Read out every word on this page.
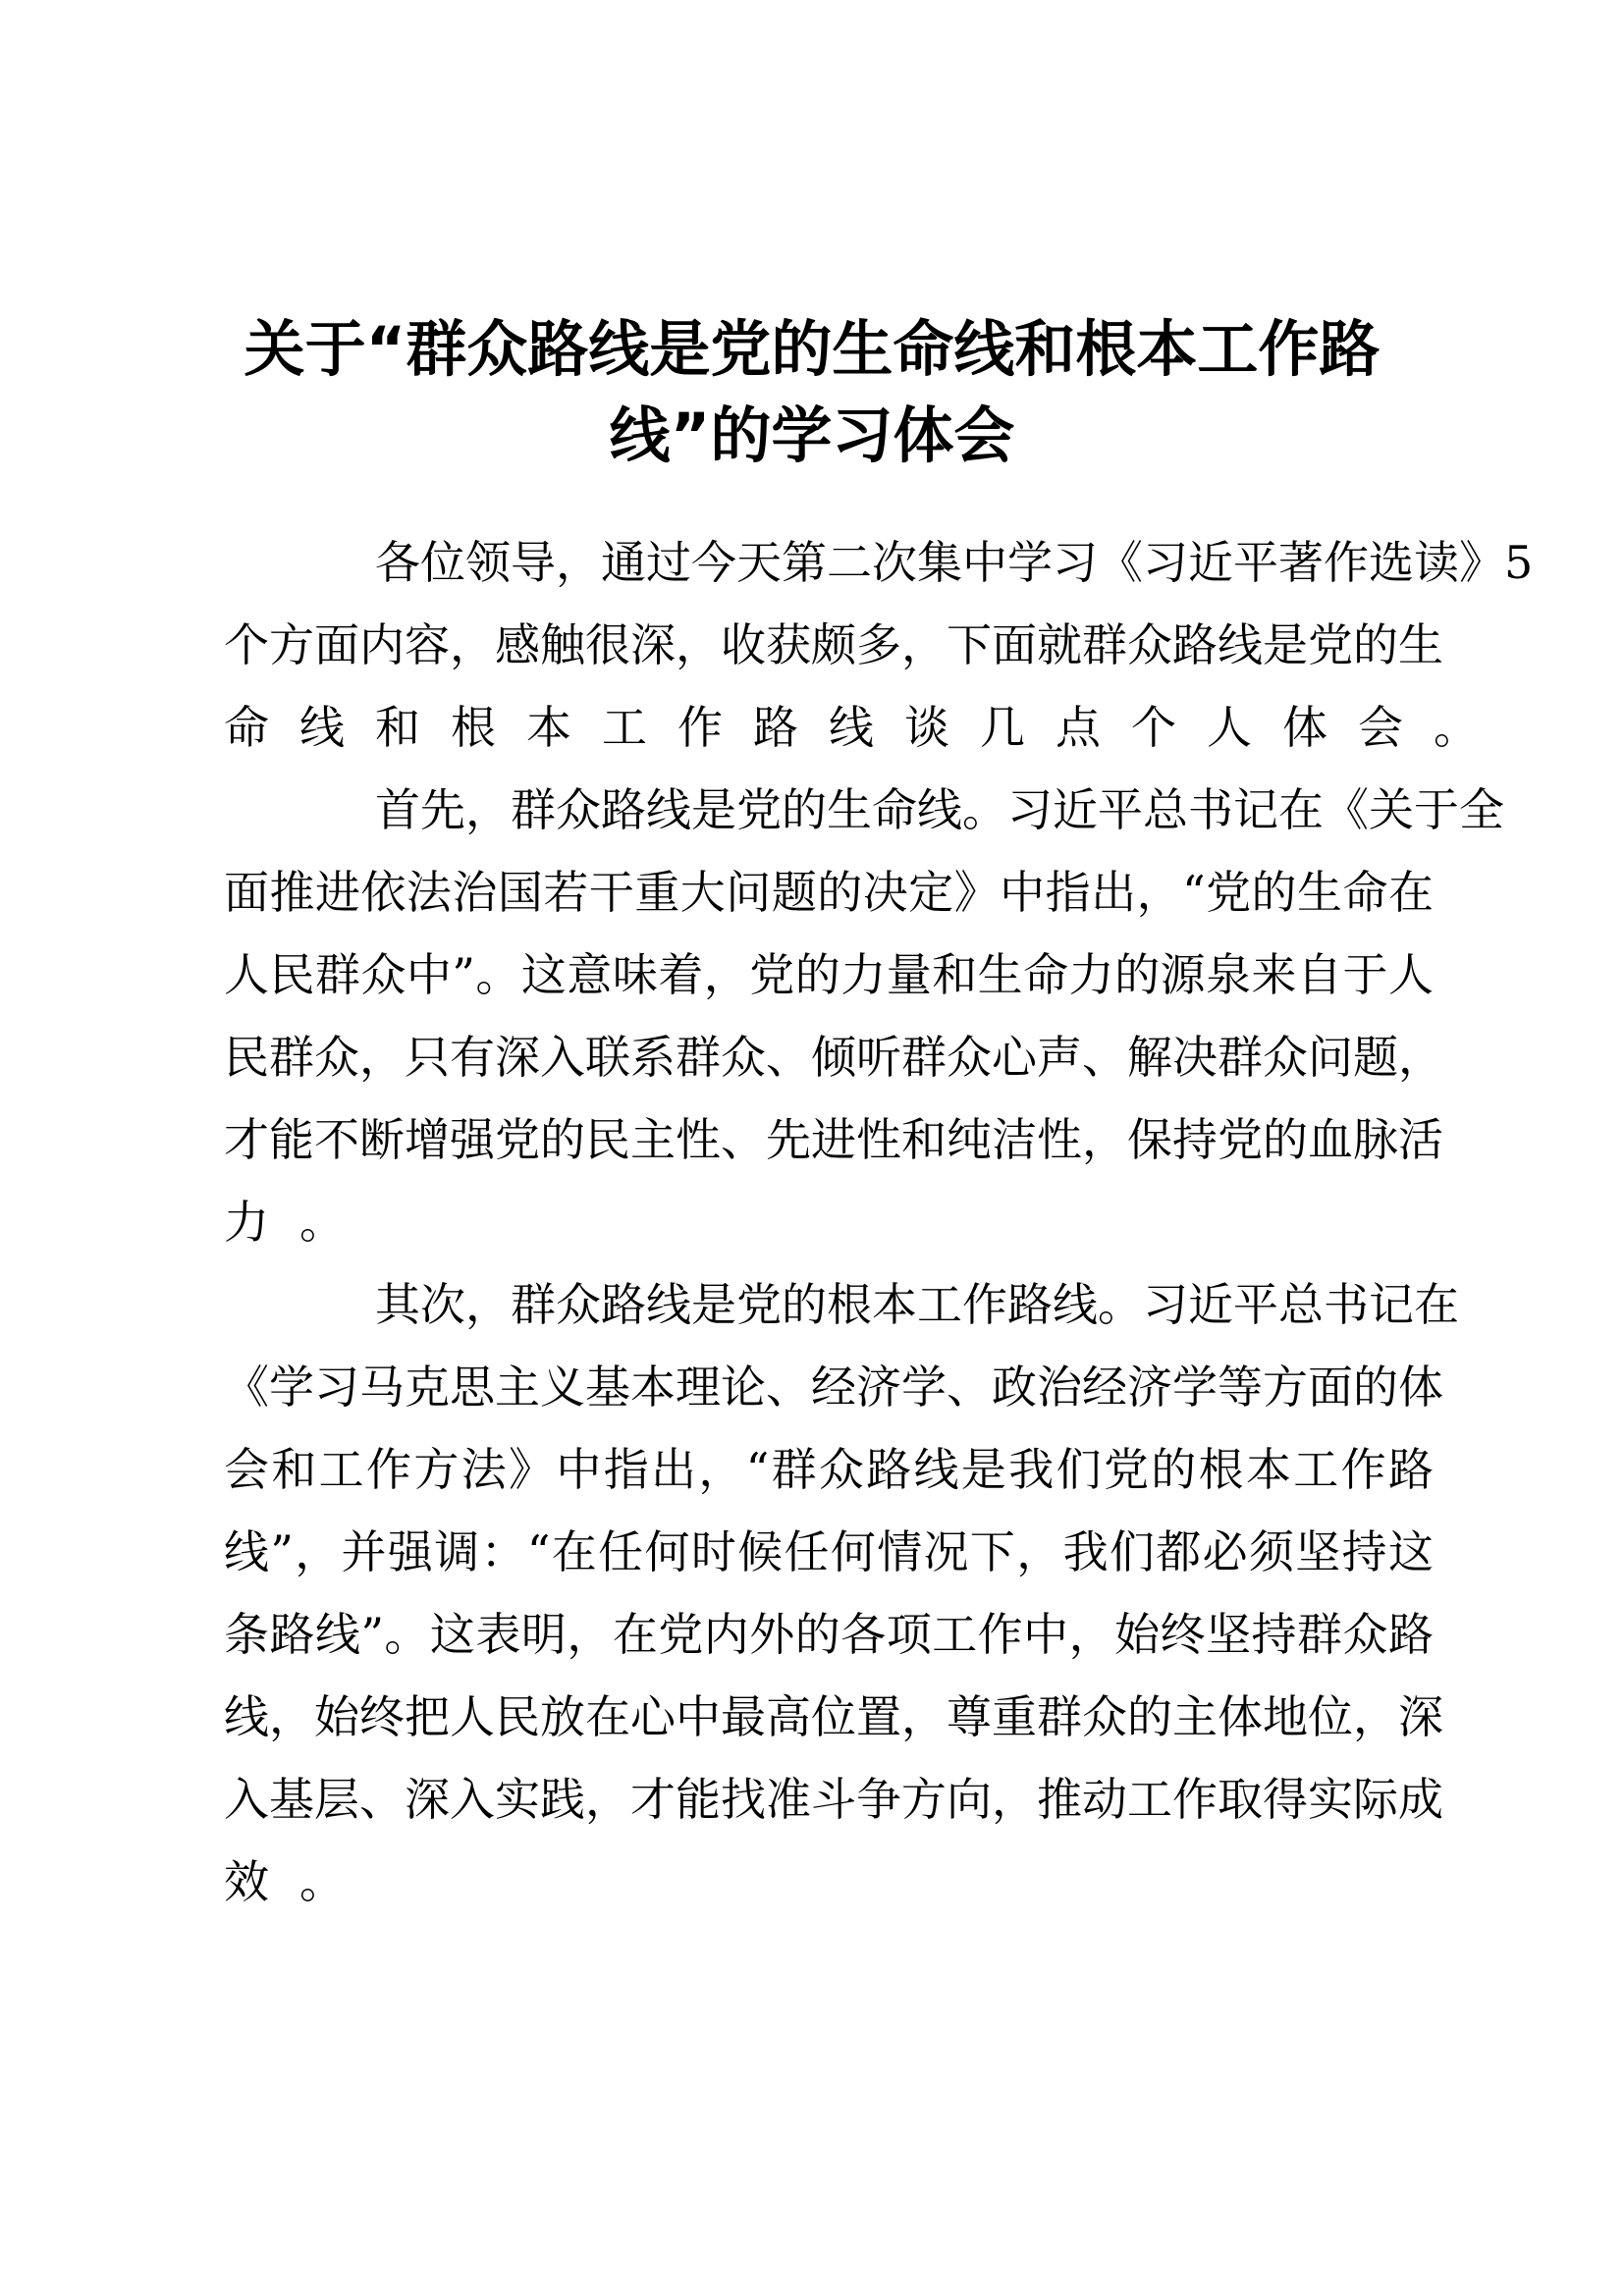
关于“群众路线是党的生命线和根本工作路
线”的学习体会
各位领导，通过今天第二次集中学习《习近平著作选读》5
个方面内容，感触很深，收获颇多，下面就群众路线是党的生
命线和根本工作路线谈几点个人体会。
首先，群众路线是党的生命线。习近平总书记在《关于全
面推进依法治国若干重大问题的决定》中指出，“党的生命在
人民群众中”。这意味着，党的力量和生命力的源泉来自于人
民群众，只有深入联系群众、倾听群众心声、解决群众问题，
才能不断增强党的民主性、先进性和纯洁性，保持党的血脉活
力。
其次，群众路线是党的根本工作路线。习近平总书记在
《学习马克思主义基本理论、经济学、政治经济学等方面的体
会和工作方法》中指出，“群众路线是我们党的根本工作路
线”，并强调：“在任何时候任何情况下，我们都必须坚持这
条路线”。这表明，在党内外的各项工作中，始终坚持群众路
线，始终把人民放在心中最高位置，尊重群众的主体地位，深
入基层、深入实践，才能找准斗争方向，推动工作取得实际成
效。
